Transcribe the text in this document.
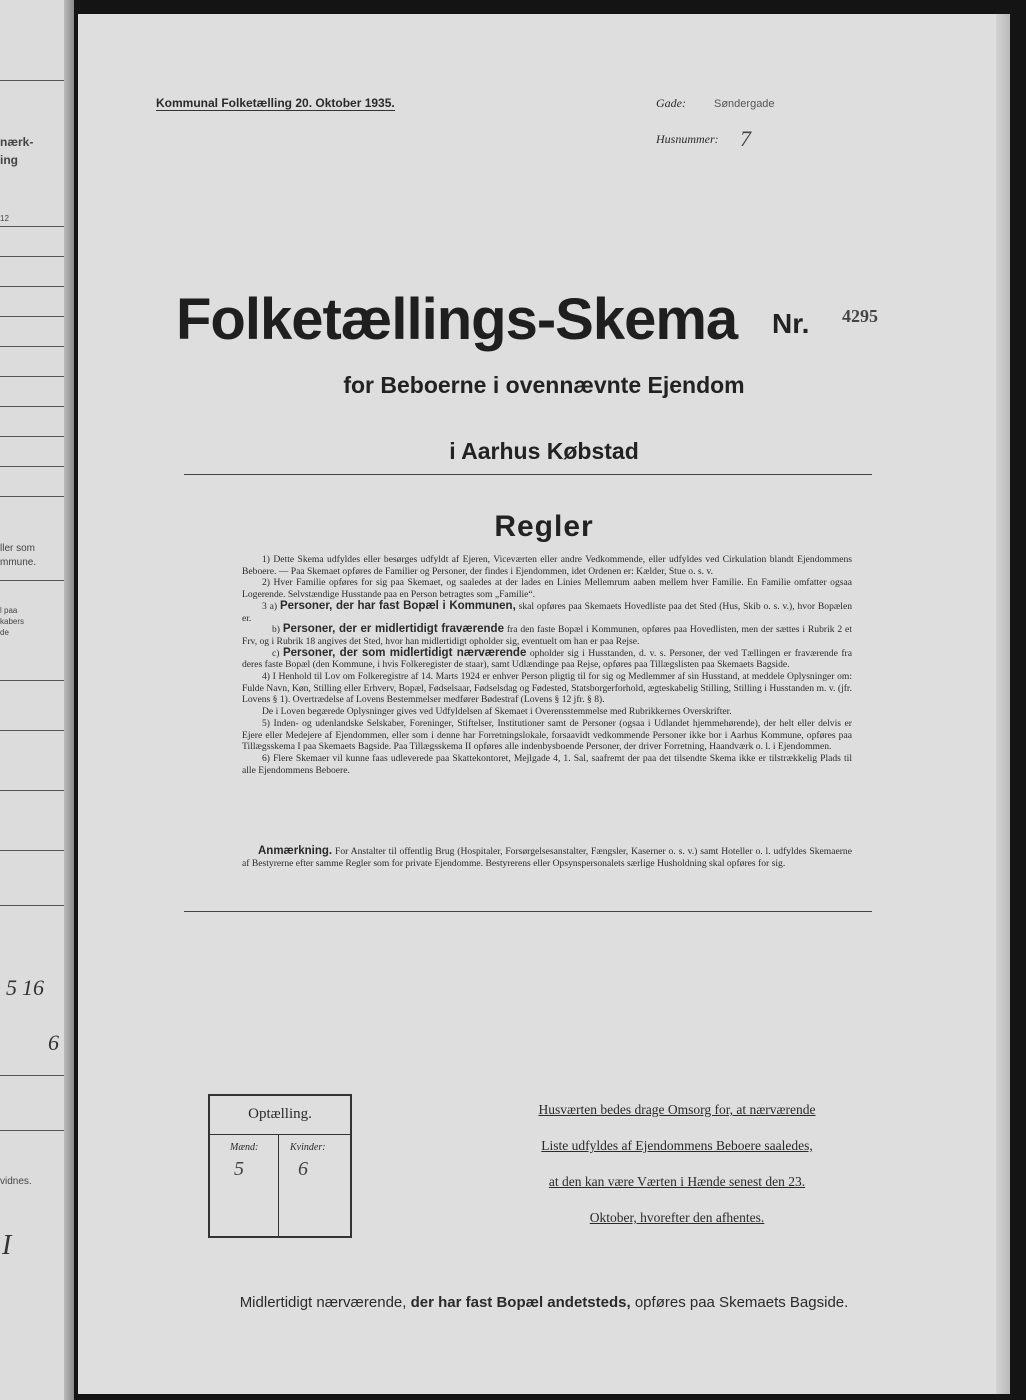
nærk-
ing
12
ller som
mmune.
l paa
kabers
de
5 16
6
vidnes.
I
Kommunal Folketælling 20. Oktober 1935.	Gade:	Søndergade
Husnummer: 7
Folketællings-Skema Nr. 4295
for Beboerne i ovennævnte Ejendom
i Aarhus Købstad
Regler

1) Dette Skema udfyldes eller besørges udfyldt af Ejeren, Viceværten eller andre Vedkommende, eller udfyldes ved Cirkulation blandt Ejendommens Beboere. — Paa Skemaet opføres de Familier og Personer, der findes i Ejendommen, idet Ordenen er: Kælder, Stue o. s. v.

2) Hver Familie opføres for sig paa Skemaet, og saaledes at der lades en Linies Mellemrum aaben mellem hver Familie. En Familie omfatter ogsaa Logerende. Selvstændige Husstande paa en Person betragtes som „Familie“.

3 a) Personer, der har fast Bopæl i Kommunen, skal opføres paa Skemaets Hovedliste paa det Sted (Hus, Skib o. s. v.), hvor Bopælen er.

b) Personer, der er midlertidigt fraværende fra den faste Bopæl i Kommunen, opføres paa Hovedlisten, men der sættes i Rubrik 2 et Frv, og i Rubrik 18 angives det Sted, hvor han midlertidigt opholder sig, eventuelt om han er paa Rejse.

c) Personer, der som midlertidigt nærværende opholder sig i Husstanden, d. v. s. Personer, der ved Tællingen er fraværende fra deres faste Bopæl (den Kommune, i hvis Folkeregister de staar), samt Udlændinge paa Rejse, opføres paa Tillægslisten paa Skemaets Bagside.

4) I Henhold til Lov om Folkeregistre af 14. Marts 1924 er enhver Person pligtig til for sig og Medlemmer af sin Husstand, at meddele Oplysninger om: Fulde Navn, Køn, Stilling eller Erhverv, Bopæl, Fødselsaar, Fødselsdag og Fødested, Statsborgerforhold, ægteskabelig Stilling, Stilling i Husstanden m. v. (jfr. Lovens § 1). Overtrædelse af Lovens Bestemmelser medfører Bødestraf (Lovens § 12 jfr. § 8).

De i Loven begærede Oplysninger gives ved Udfyldelsen af Skemaet i Overensstemmelse med Rubrikkernes Overskrifter.

5) Inden- og udenlandske Selskaber, Foreninger, Stiftelser, Institutioner samt de Personer (ogsaa i Udlandet hjemmehørende), der helt eller delvis er Ejere eller Medejere af Ejendommen, eller som i denne har Forretningslokale, forsaavidt vedkommende Personer ikke bor i Aarhus Kommune, opføres paa Tillægsskema I paa Skemaets Bagside. Paa Tillægsskema II opføres alle indenbysboende Personer, der driver Forretning, Haandværk o. l. i Ejendommen.

6) Flere Skemaer vil kunne faas udleverede paa Skattekontoret, Mejlgade 4, 1. Sal, saafremt der paa det tilsendte Skema ikke er tilstrækkelig Plads til alle Ejendommens Beboere.

Anmærkning. For Anstalter til offentlig Brug (Hospitaler, Forsørgelsesanstalter, Fængsler, Kaserner o. s. v.) samt Hoteller o. l. udfyldes Skemaerne af Bestyrerne efter samme Regler som for private Ejendomme. Bestyrerens eller Opsynspersonalets særlige Husholdning skal opføres for sig.

Optælling.
Mænd:
5
Kvinder:
6
Husværten bedes drage Omsorg for, at nærværende
Liste udfyldes af Ejendommens Beboere saaledes,
at den kan være Værten i Hænde senest den 23.
Oktober, hvorefter den afhentes.
Midlertidigt nærværende, der har fast Bopæl andetsteds, opføres paa Skemaets Bagside.
